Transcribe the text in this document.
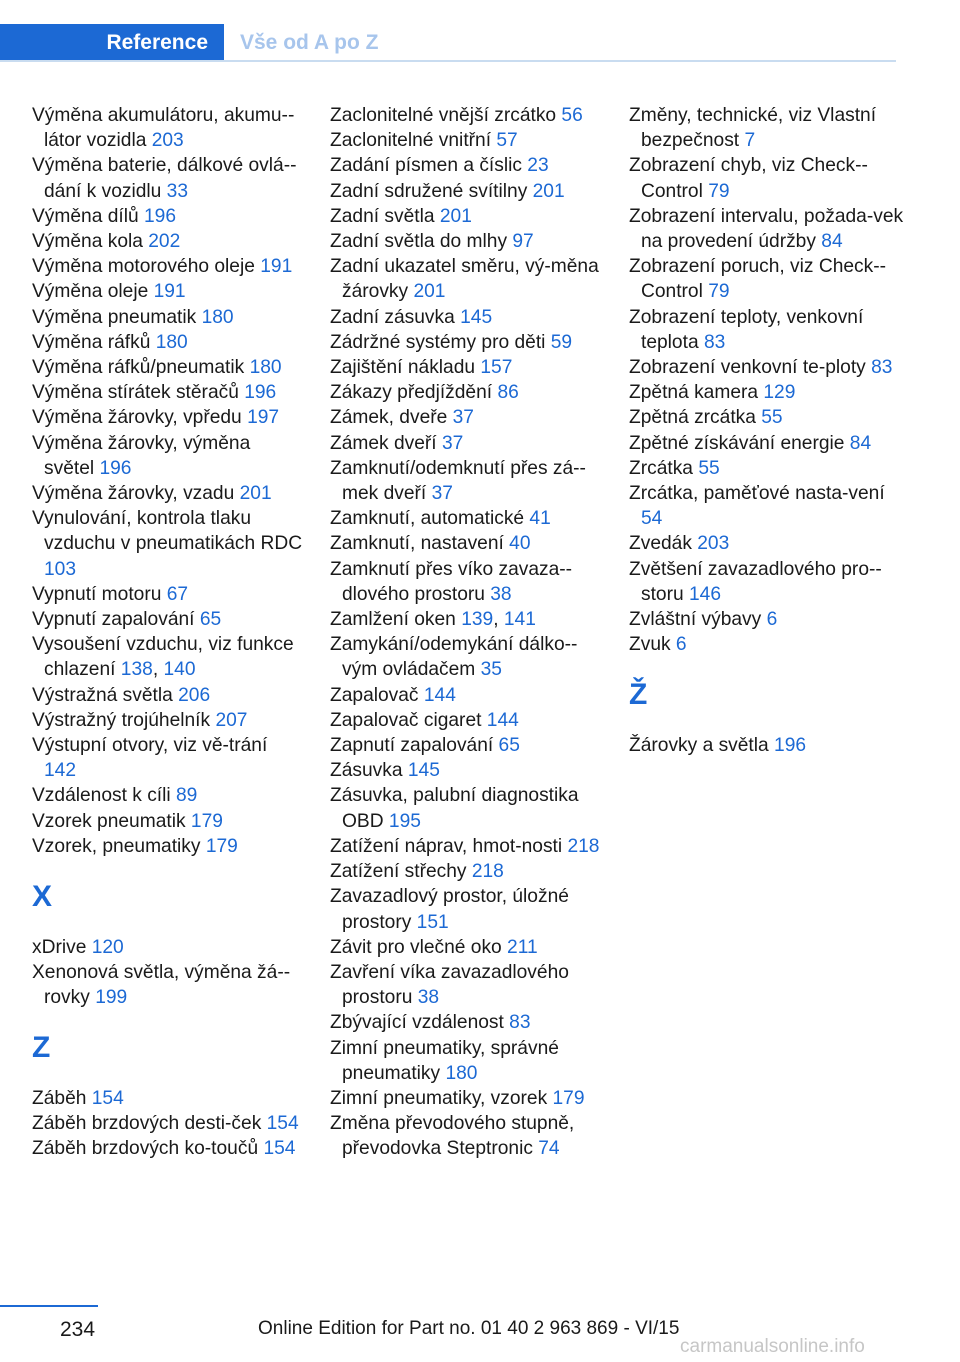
Reference	Vše od A po Z
Výměna akumulátoru, akumu-látor vozidla 203
Výměna baterie, dálkové ovlá-dání k vozidlu 33
Výměna dílů 196
Výměna kola 202
Výměna motorového oleje 191
Výměna oleje 191
Výměna pneumatik 180
Výměna ráfků 180
Výměna ráfků/pneumatik 180
Výměna stírátek stěračů 196
Výměna žárovky, vpředu 197
Výměna žárovky, výměna světel 196
Výměna žárovky, vzadu 201
Vynulování, kontrola tlaku vzduchu v pneumatikách RDC 103
Vypnutí motoru 67
Vypnutí zapalování 65
Vysoušení vzduchu, viz funkce chlazení 138, 140
Výstražná světla 206
Výstražný trojúhelník 207
Výstupní otvory, viz vě-trání 142
Vzdálenost k cíli 89
Vzorek pneumatik 179
Vzorek, pneumatiky 179
X
xDrive 120
Xenonová světla, výměna žá-rovky 199
Z
Záběh 154
Záběh brzdových desti-ček 154
Záběh brzdových ko-toučů 154
Zaclonitelné vnější zrcátko 56
Zaclonitelné vnitřní 57
Zadání písmen a číslic 23
Zadní sdružené svítilny 201
Zadní světla 201
Zadní světla do mlhy 97
Zadní ukazatel směru, vý-měna žárovky 201
Zadní zásuvka 145
Zádržné systémy pro děti 59
Zajištění nákladu 157
Zákazy předjíždění 86
Zámek, dveře 37
Zámek dveří 37
Zamknutí/odemknutí přes zá-mek dveří 37
Zamknutí, automatické 41
Zamknutí, nastavení 40
Zamknutí přes víko zavaza-dlového prostoru 38
Zamlžení oken 139, 141
Zamykání/odemykání dálko-vým ovládačem 35
Zapalovač 144
Zapalovač cigaret 144
Zapnutí zapalování 65
Zásuvka 145
Zásuvka, palubní diagnostika OBD 195
Zatížení náprav, hmot-nosti 218
Zatížení střechy 218
Zavazadlový prostor, úložné prostory 151
Závit pro vlečné oko 211
Zavření víka zavazadlového prostoru 38
Zbývající vzdálenost 83
Zimní pneumatiky, správné pneumatiky 180
Zimní pneumatiky, vzorek 179
Změna převodového stupně, převodovka Steptronic 74
Změny, technické, viz Vlastní bezpečnost 7
Zobrazení chyb, viz Check-Control 79
Zobrazení intervalu, požada-vek na provedení údržby 84
Zobrazení poruch, viz Check-Control 79
Zobrazení teploty, venkovní teplota 83
Zobrazení venkovní te-ploty 83
Zpětná kamera 129
Zpětná zrcátka 55
Zpětné získávání energie 84
Zrcátka 55
Zrcátka, paměťové nasta-vení 54
Zvedák 203
Zvětšení zavazadlového pro-storu 146
Zvláštní výbavy 6
Zvuk 6
Ž
Žárovky a světla 196
234	Online Edition for Part no. 01 40 2 963 869 - VI/15
carmanualsonline.info
